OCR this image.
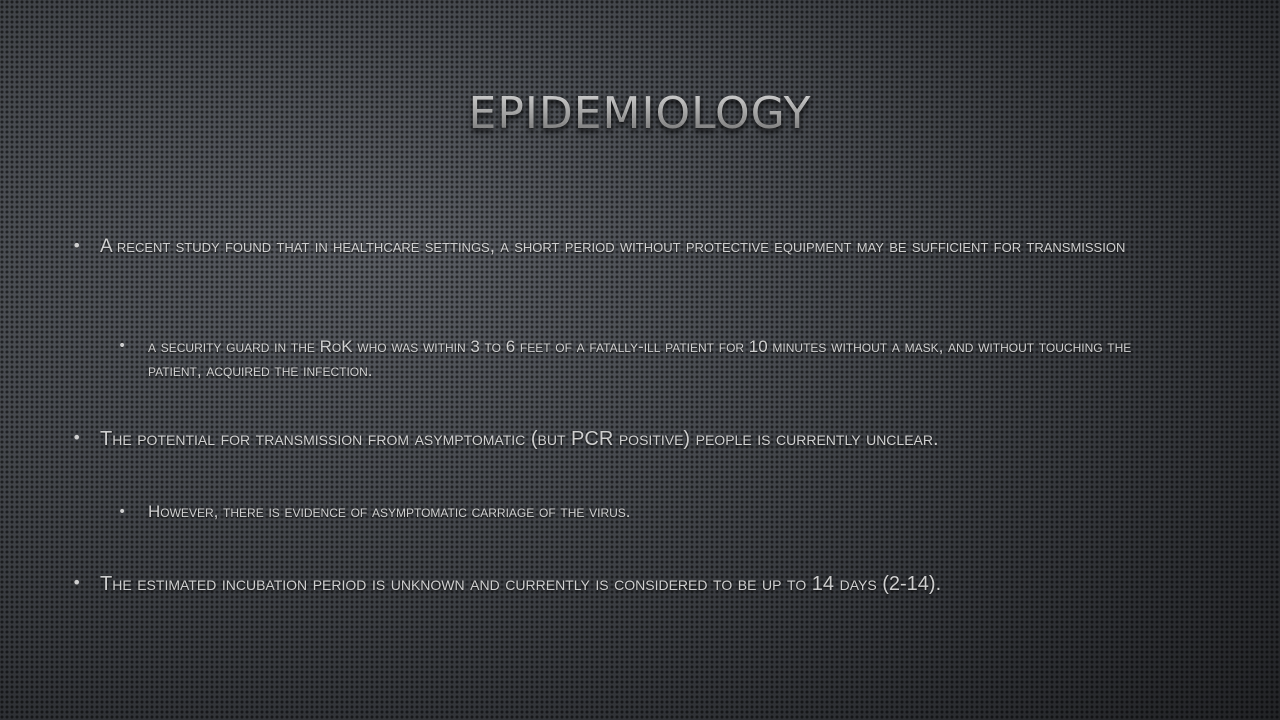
EPIDEMIOLOGY
• A recent study found that in healthcare settings, a short period without protective equipment may be sufficient for transmission
• a security guard in the RoK who was within 3 to 6 feet of a fatally-ill patient for 10 minutes without a mask, and without touching the patient, acquired the infection.
• The potential for transmission from asymptomatic (but PCR positive) people is currently unclear.
• However, there is evidence of asymptomatic carriage of the virus.
• The estimated incubation period is unknown and currently is considered to be up to 14 days (2-14).
